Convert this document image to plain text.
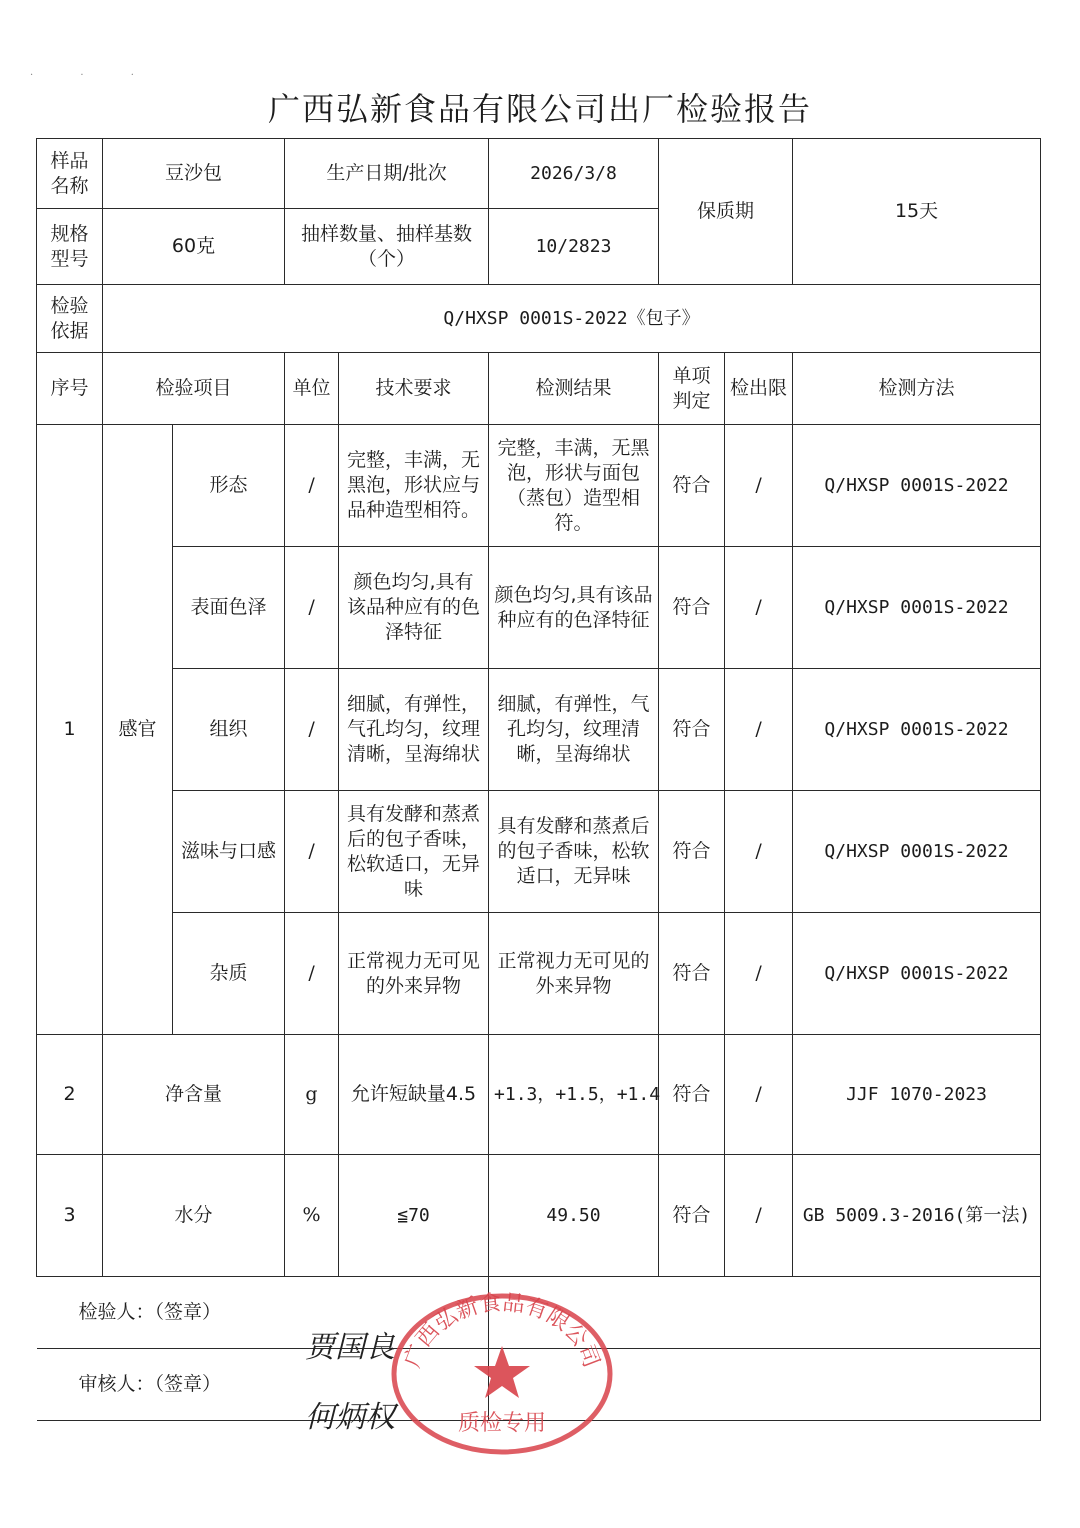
广西弘新食品有限公司出厂检验报告
· · ·
样品名称	豆沙包		生产日期/批次		2026/3/8	保质期		15天
规格型号	60克		抽样数量、抽样基数（个）		10/2823			
检验依据	Q/HXSP 0001S-2022《包子》							
序号	检验项目		单位	技术要求	检测结果	单项判定	检出限	检测方法
1	感官	形态	/	完整，丰满，无黑泡，形状应与品种造型相符。	完整，丰满，无黑泡，形状与面包（蒸包）造型相符。	符合	/	Q/HXSP 0001S-2022
		表面色泽	/	颜色均匀,具有该品种应有的色泽特征	颜色均匀,具有该品种应有的色泽特征	符合	/	Q/HXSP 0001S-2022
		组织	/	细腻，有弹性，气孔均匀，纹理清晰，呈海绵状	细腻，有弹性，气孔均匀，纹理清晰，呈海绵状	符合	/	Q/HXSP 0001S-2022
		滋味与口感	/	具有发酵和蒸煮后的包子香味，松软适口，无异味	具有发酵和蒸煮后的包子香味，松软适口，无异味	符合	/	Q/HXSP 0001S-2022
		杂质	/	正常视力无可见的外来异物	正常视力无可见的外来异物	符合	/	Q/HXSP 0001S-2022
2	净含量		g	允许短缺量4.5	+1.3，+1.5，+1.4	符合	/	JJF 1070-2023
3	水分		%	≦70	49.50	符合	/	GB 5009.3-2016(第一法)
检验人：（签章）								
审核人：（签章）								
贾国良
何炳权
广西弘新食品有限公司
质检专用
